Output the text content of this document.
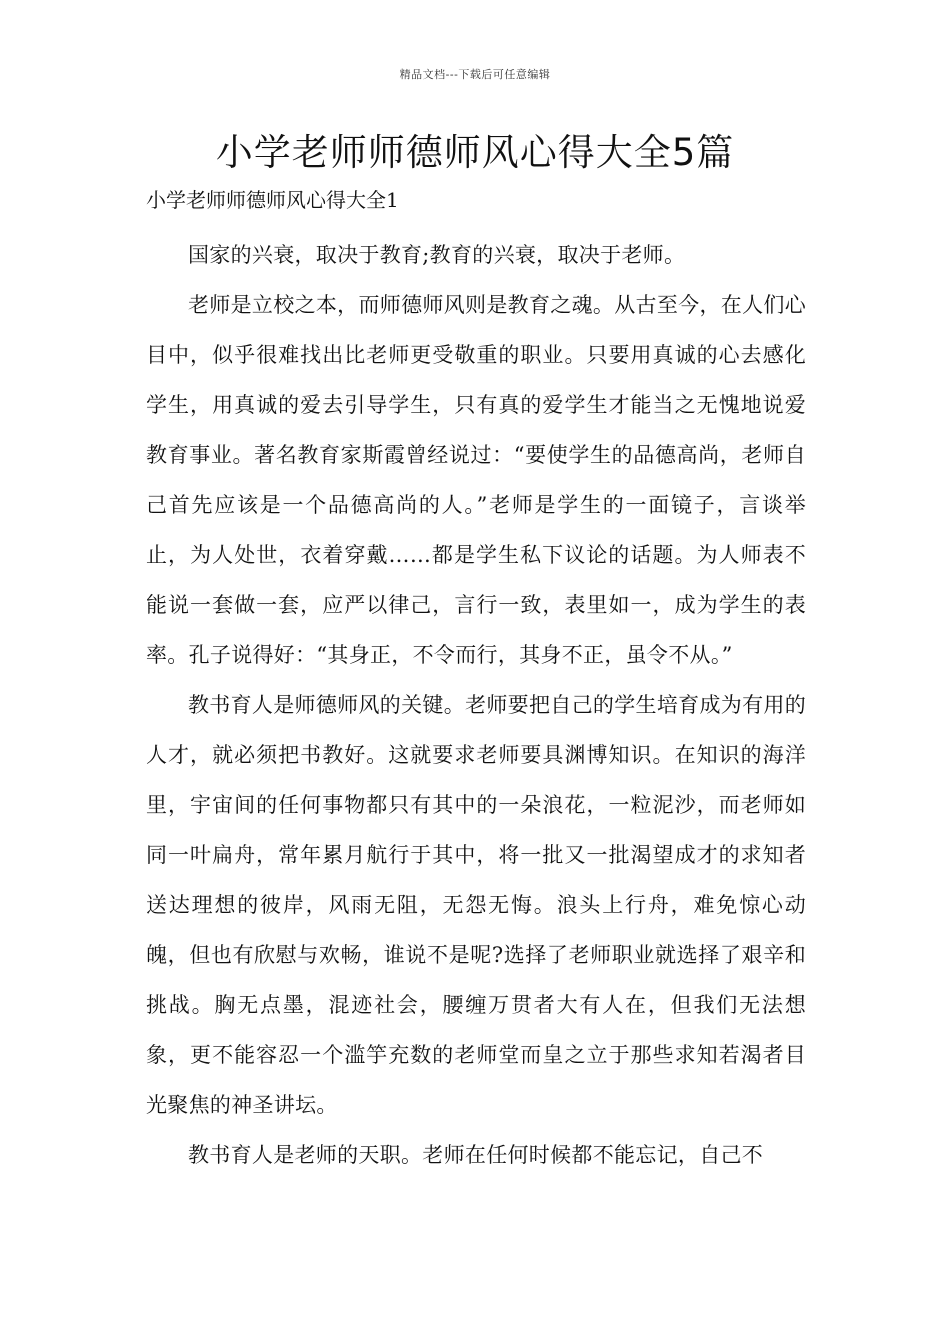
精品文档---下载后可任意编辑
小学老师师德师风心得大全5篇

小学老师师德师风心得大全1

国家的兴衰，取决于教育;教育的兴衰，取决于老师。

老师是立校之本，而师德师风则是教育之魂。从古至今，在人们心目中，似乎很难找出比老师更受敬重的职业。只要用真诚的心去感化学生，用真诚的爱去引导学生，只有真的爱学生才能当之无愧地说爱教育事业。著名教育家斯霞曾经说过：“要使学生的品德高尚，老师自己首先应该是一个品德高尚的人。”老师是学生的一面镜子，言谈举止，为人处世，衣着穿戴……都是学生私下议论的话题。为人师表不能说一套做一套，应严以律己，言行一致，表里如一，成为学生的表率。孔子说得好：“其身正，不令而行，其身不正，虽令不从。”

教书育人是师德师风的关键。老师要把自己的学生培育成为有用的人才，就必须把书教好。这就要求老师要具渊博知识。在知识的海洋里，宇宙间的任何事物都只有其中的一朵浪花，一粒泥沙，而老师如同一叶扁舟，常年累月航行于其中，将一批又一批渴望成才的求知者送达理想的彼岸，风雨无阻，无怨无悔。浪头上行舟，难免惊心动魄，但也有欣慰与欢畅，谁说不是呢?选择了老师职业就选择了艰辛和挑战。胸无点墨，混迹社会，腰缠万贯者大有人在，但我们无法想象，更不能容忍一个滥竽充数的老师堂而皇之立于那些求知若渴者目光聚焦的神圣讲坛。

教书育人是老师的天职。老师在任何时候都不能忘记，自己不
